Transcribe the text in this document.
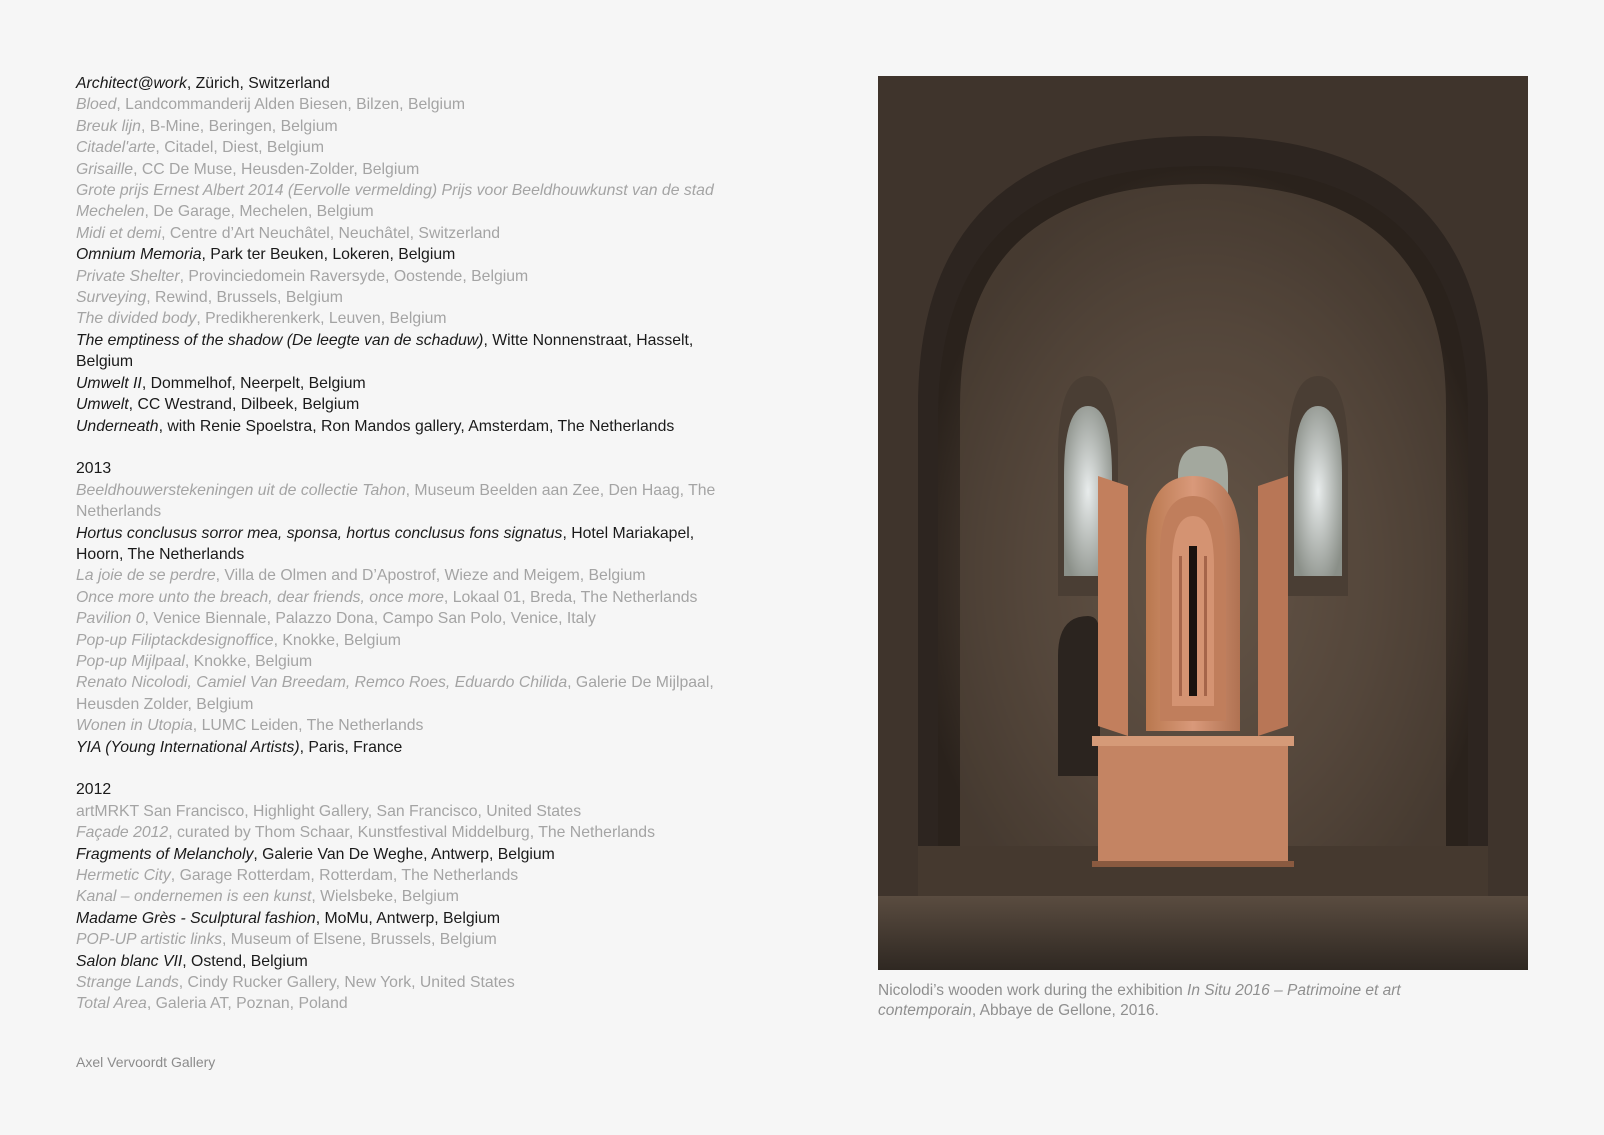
Architect@work, Zürich, Switzerland
Bloed, Landcommanderij Alden Biesen, Bilzen, Belgium
Breuk lijn, B-Mine, Beringen, Belgium
Citadel'arte, Citadel, Diest, Belgium
Grisaille, CC De Muse, Heusden-Zolder, Belgium
Grote prijs Ernest Albert 2014 (Eervolle vermelding) Prijs voor Beeldhouwkunst van de stad Mechelen, De Garage, Mechelen, Belgium
Midi et demi, Centre d’Art Neuchâtel, Neuchâtel, Switzerland
Omnium Memoria, Park ter Beuken, Lokeren, Belgium
Private Shelter, Provinciedomein Raversyde, Oostende, Belgium
Surveying, Rewind, Brussels, Belgium
The divided body, Predikherenkerk, Leuven, Belgium
The emptiness of the shadow (De leegte van de schaduw), Witte Nonnenstraat, Hasselt, Belgium
Umwelt II, Dommelhof, Neerpelt, Belgium
Umwelt, CC Westrand, Dilbeek, Belgium
Underneath, with Renie Spoelstra, Ron Mandos gallery, Amsterdam, The Netherlands
2013
Beeldhouwerstekeningen uit de collectie Tahon, Museum Beelden aan Zee, Den Haag, The Netherlands
Hortus conclusus sorror mea, sponsa, hortus conclusus fons signatus, Hotel Mariakapel, Hoorn, The Netherlands
La joie de se perdre, Villa de Olmen and D’Apostrof, Wieze and Meigem, Belgium
Once more unto the breach, dear friends, once more, Lokaal 01, Breda, The Netherlands
Pavilion 0, Venice Biennale, Palazzo Dona, Campo San Polo, Venice, Italy
Pop-up Filiptackdesignoffice, Knokke, Belgium
Pop-up Mijlpaal, Knokke, Belgium
Renato Nicolodi, Camiel Van Breedam, Remco Roes, Eduardo Chilida, Galerie De Mijlpaal, Heusden Zolder, Belgium
Wonen in Utopia, LUMC Leiden, The Netherlands
YIA (Young International Artists), Paris, France
2012
artMRKT San Francisco, Highlight Gallery, San Francisco, United States
Façade 2012, curated by Thom Schaar, Kunstfestival Middelburg, The Netherlands
Fragments of Melancholy, Galerie Van De Weghe, Antwerp, Belgium
Hermetic City, Garage Rotterdam, Rotterdam, The Netherlands
Kanal – ondernemen is een kunst, Wielsbeke, Belgium
Madame Grès - Sculptural fashion, MoMu, Antwerp, Belgium
POP-UP artistic links, Museum of Elsene, Brussels, Belgium
Salon blanc VII, Ostend, Belgium
Strange Lands, Cindy Rucker Gallery, New York, United States
Total Area, Galeria AT, Poznan, Poland
Nicolodi’s wooden work during the exhibition In Situ 2016 – Patrimoine et art contemporain, Abbaye de Gellone, 2016.
Axel Vervoordt Gallery
